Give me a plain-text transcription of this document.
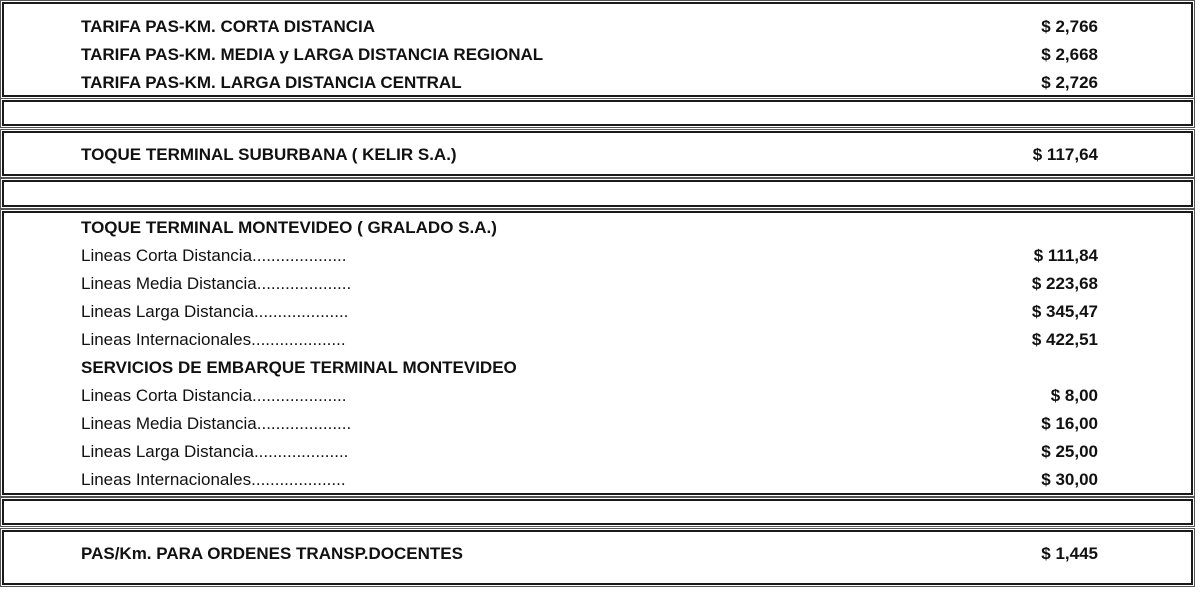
TARIFA PAS-KM. CORTA DISTANCIA	$ 2,766
TARIFA PAS-KM. MEDIA y LARGA DISTANCIA REGIONAL	$ 2,668
TARIFA PAS-KM. LARGA DISTANCIA CENTRAL	$ 2,726
TOQUE TERMINAL SUBURBANA ( KELIR S.A.)	$ 117,64
TOQUE TERMINAL MONTEVIDEO ( GRALADO S.A.)
Lineas Corta Distancia....................	$ 111,84
Lineas Media Distancia....................	$ 223,68
Lineas Larga Distancia....................	$ 345,47
Lineas Internacionales....................	$ 422,51
SERVICIOS DE EMBARQUE TERMINAL MONTEVIDEO
Lineas Corta Distancia....................	$ 8,00
Lineas Media Distancia....................	$ 16,00
Lineas Larga Distancia....................	$ 25,00
Lineas Internacionales....................	$ 30,00
PAS/Km. PARA ORDENES TRANSP.DOCENTES	$ 1,445
